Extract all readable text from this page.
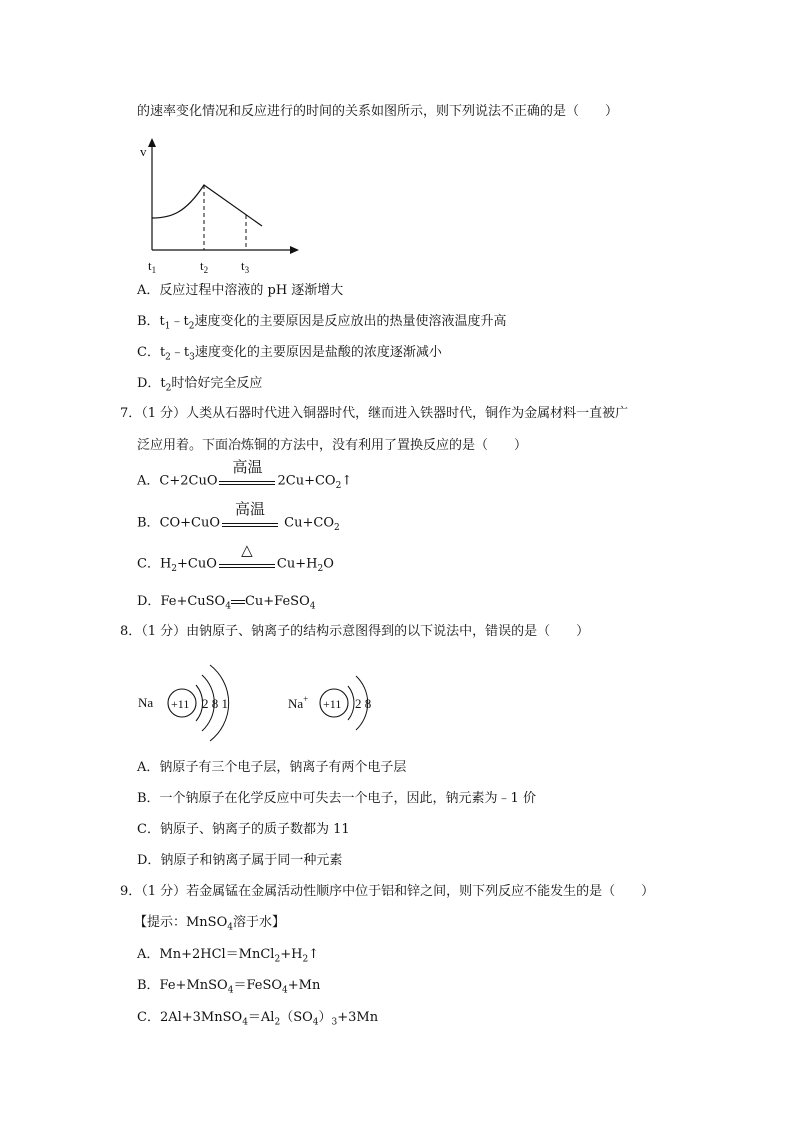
的速率变化情况和反应进行的时间的关系如图所示，则下列说法不正确的是（　　）
v
$t_1$	$t_2$	$t_3$
A．反应过程中溶液的 pH 逐渐增大
B．$t_1﹣t_2$速度变化的主要原因是反应放出的热量使溶液温度升高
C．$t_2﹣t_3$速度变化的主要原因是盐酸的浓度逐渐减小
D．$t_2$时恰好完全反应
7．（1 分）人类从石器时代进入铜器时代，继而进入铁器时代，铜作为金属材料一直被广
泛应用着。下面冶炼铜的方法中，没有利用了置换反应的是（　　）
A．C+2CuO
高温
$2Cu+CO_2↑$
B．CO+CuO
高温
$Cu+CO_2$
C．$H_2+CuO$
△
$Cu+H_2O$
D．Fe+CuSO$_4$ Cu+FeSO$_4$
8．（1 分）由钠原子、钠离子的结构示意图得到的以下说法中，错误的是（　　）
Na +11 2 8 1	Na+ +11 2 8
A．钠原子有三个电子层，钠离子有两个电子层
B．一个钠原子在化学反应中可失去一个电子，因此，钠元素为﹣1 价
C．钠原子、钠离子的质子数都为 11
D．钠原子和钠离子属于同一种元素
9．（1 分）若金属锰在金属活动性顺序中位于铝和锌之间，则下列反应不能发生的是（　　）
【提示：MnSO$_4$溶于水】
A．$Mn+2HCl=MnCl_2+H_2↑$
B．Fe+MnSO$_4$＝FeSO$_4$+Mn
C．$2Al+3MnSO_4=Al_2(SO_4)_3+3Mn$
